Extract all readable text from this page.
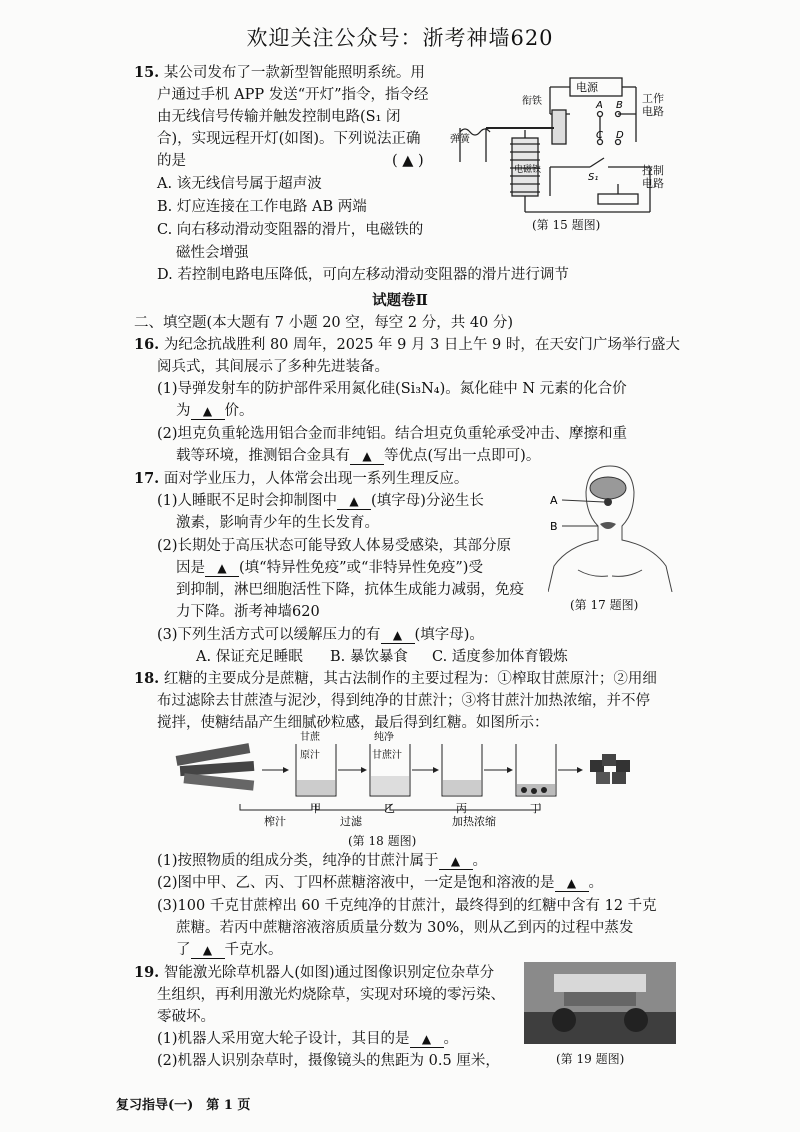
欢迎关注公众号：浙考神墙620
15. 某公司发布了一款新型智能照明系统。用
户通过手机 APP 发送“开灯”指令，指令经
由无线信号传输并触发控制电路(S₁ 闭
合)，实现远程开灯(如图)。下列说法正确
的是	( ▲ )
A. 该无线信号属于超声波
B. 灯应连接在工作电路 AB 两端
C. 向右移动滑动变阻器的滑片，电磁铁的
磁性会增强
D. 若控制电路电压降低，可向左移动滑动变阻器的滑片进行调节
电源
衔铁
弹簧
电磁铁
A B
C D
S₁
工作电路
控制电路
(第 15 题图)
试题卷Ⅱ
二、填空题(本大题有 7 小题 20 空，每空 2 分，共 40 分)
16. 为纪念抗战胜利 80 周年，2025 年 9 月 3 日上午 9 时，在天安门广场举行盛大
阅兵式，其间展示了多种先进装备。
(1)导弹发射车的防护部件采用氮化硅(Si₃N₄)。氮化硅中 N 元素的化合价
为 ▲ 价。
(2)坦克负重轮选用铝合金而非纯铝。结合坦克负重轮承受冲击、摩擦和重
载等环境，推测铝合金具有 ▲ 等优点(写出一点即可)。
17. 面对学业压力，人体常会出现一系列生理反应。
(1)人睡眠不足时会抑制图中 ▲ (填字母)分泌生长
激素，影响青少年的生长发育。
(2)长期处于高压状态可能导致人体易受感染，其部分原
因是 ▲ (填“特异性免疫”或“非特异性免疫”)受
到抑制，淋巴细胞活性下降，抗体生成能力减弱，免疫
力下降。浙考神墙620
(3)下列生活方式可以缓解压力的有 ▲ (填字母)。
A. 保证充足睡眠 B. 暴饮暴食 C. 适度参加体育锻炼
A
B
(第 17 题图)
18. 红糖的主要成分是蔗糖，其古法制作的主要过程为：①榨取甘蔗原汁；②用细
布过滤除去甘蔗渣与泥沙，得到纯净的甘蔗汁；③将甘蔗汁加热浓缩，并不停
搅拌，使糖结晶产生细腻砂粒感，最后得到红糖。如图所示：
甘蔗
原汁
纯净
甘蔗汁
甲	乙	丙	丁
榨汁	过滤	加热浓缩
(第 18 题图)
(1)按照物质的组成分类，纯净的甘蔗汁属于 ▲ 。
(2)图中甲、乙、丙、丁四杯蔗糖溶液中，一定是饱和溶液的是 ▲ 。
(3)100 千克甘蔗榨出 60 千克纯净的甘蔗汁，最终得到的红糖中含有 12 千克
蔗糖。若丙中蔗糖溶液溶质质量分数为 30%，则从乙到丙的过程中蒸发
了 ▲ 千克水。
19. 智能激光除草机器人(如图)通过图像识别定位杂草分
生组织，再利用激光灼烧除草，实现对环境的零污染、
零破坏。
(1)机器人采用宽大轮子设计，其目的是 ▲ 。
(2)机器人识别杂草时，摄像镜头的焦距为 0.5 厘米，	(第 19 题图)
复习指导(一)　第 1 页
